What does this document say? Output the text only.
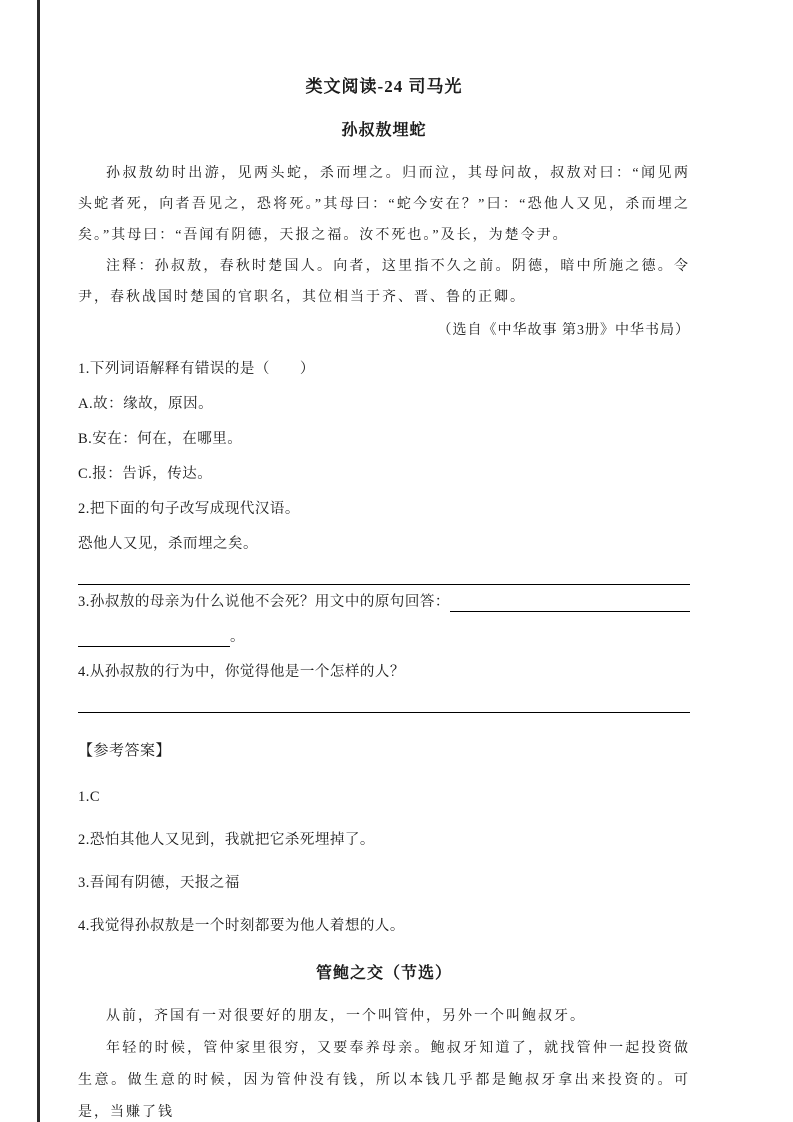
类文阅读-24 司马光
孙叔敖埋蛇

孙叔敖幼时出游，见两头蛇，杀而埋之。归而泣，其母问故，叔敖对曰：“闻见两头蛇者死，向者吾见之，恐将死。”其母曰：“蛇今安在？”曰：“恐他人又见，杀而埋之矣。”其母曰：“吾闻有阴德，天报之福。汝不死也。”及长，为楚令尹。

注释：孙叔敖，春秋时楚国人。向者，这里指不久之前。阴德，暗中所施之德。令尹，春秋战国时楚国的官职名，其位相当于齐、晋、鲁的正卿。

（选自《中华故事 第3册》中华书局）

1.下列词语解释有错误的是（　　）

A.故：缘故，原因。

B.安在：何在，在哪里。

C.报：告诉，传达。

2.把下面的句子改写成现代汉语。

恐他人又见，杀而埋之矣。

3.孙叔敖的母亲为什么说他不会死？用文中的原句回答：
。

4.从孙叔敖的行为中，你觉得他是一个怎样的人？

【参考答案】

1.C

2.恐怕其他人又见到，我就把它杀死埋掉了。

3.吾闻有阴德，天报之福

4.我觉得孙叔敖是一个时刻都要为他人着想的人。

管鲍之交（节选）

从前，齐国有一对很要好的朋友，一个叫管仲，另外一个叫鲍叔牙。

年轻的时候，管仲家里很穷，又要奉养母亲。鲍叔牙知道了，就找管仲一起投资做生意。做生意的时候，因为管仲没有钱，所以本钱几乎都是鲍叔牙拿出来投资的。可是，当赚了钱
